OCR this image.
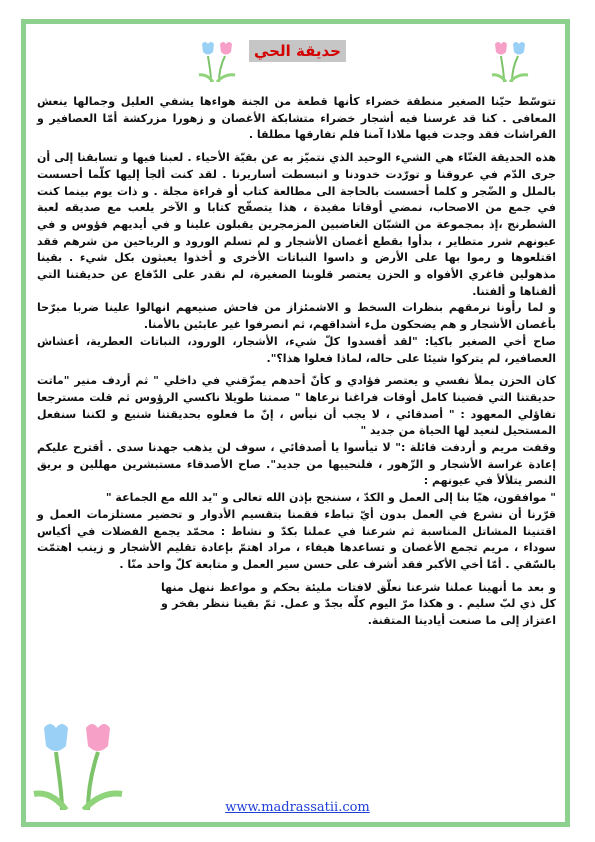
حديقة الحي

تتوسّط حيّنا الصغير منطقة خضراء كأنها قطعة من الجنة هواءها يشفي العليل وجمالها ينعش المعافى . كنا قد غرسنا فيه أشجار خضراء متشابكة الأغصان و زهورا مزركشة أمّا العصافير و الفراشات فقد وجدت فيها ملاذا آمنا فلم تفارقها مطلقا .

هذه الحديقة الغنّاء هي الشيء الوحيد الذي نتميّز به عن بقيّة الأحياء . لعبنا فيها و تسابقنا إلى أن جرى الدّم في عروقنا و تورّدت خدودنا و انبسطت أساريرنا . لقد كنت ألجأ إليها كلّما أحسست بالملل و الضّجر و كلما أحسست بالحاجة الى مطالعة كتاب أو قراءة مجلة . و ذات يوم بينما كنت في جمع من الاصحاب، نمضي أوقاتا مفيدة ، هذا يتصفّح كتابا و الآخر يلعب مع صديقه لعبة الشطرنج ،إذ بمجموعة من الشبّان الغاضبين المزمجرين يقبلون علينا و في أيديهم فؤوس و في عيونهم شرر متطاير ، بدأوا بقطع أغصان الأشجار و لم تسلم الورود و الرياحين من شرهم فقد اقتلعوها و رموا بها على الأرض و داسوا النباتات الأخرى و أخذوا يعبثون بكل شيء . بقينا مذهولين فاغري الأفواه و الحزن يعتصر قلوبنا الصغيرة، لم نقدر على الدّفاع عن حديقتنا التي ألفناها و ألفتنا.

و لما رأونا نرمقهم بنظرات السخط و الاشمئزاز من فاحش صنيعهم انهالوا علينا ضربا مبرّحا بأغصان الأشجار و هم يضحكون ملء أشداقهم، ثم انصرفوا غير عابئين بالأمنا.

صاح أخي الصغير باكيا: "لقد أفسدوا كلّ شيء، الأشجار، الورود، النباتات العطرية، أعشاش العصافير، لم يتركوا شيئا على حاله، لماذا فعلوا هذا؟".

كان الحزن يملأ نفسي و يعتصر فؤادي و كأنّ أحدهم يمزّقني في داخلي " ثم أردف منير "ماتت حديقتنا التي قضينا كامل أوقات فراغنا نرعاها " صمتنا طويلا ناكسي الرؤوس ثم قلت مسترجعا تفاؤلي المعهود : " أصدقائي ، لا يجب أن نيأس ، إنّ ما فعلوه بحديقتنا شنيع و لكننا سنفعل المستحيل لنعيد لها الحياة من جديد "

وقفت مريم و أردفت قائلة :" لا تيأسوا يا أصدقائي ، سوف لن يذهب جهدنا سدى . أقترح عليكم إعادة غراسة الأشجار و الزّهور ، فلنحييها من جديد". صاح الأصدقاء مستبشرين مهللين و بريق النصر يتلألأ في عيونهم :

" موافقون، هيّا بنا إلى العمل و الكدّ ، سننجح بإذن الله تعالى و "يد الله مع الجماعة "

قرّرنا أن نشرع في العمل بدون أيّ تباطء فقمنا بتقسيم الأدوار و تحضير مستلزمات العمل و اقتنينا المشاتل المناسبة ثم شرعنا في عملنا بكدّ و نشاط : محمّد يجمع الفضلات في أكياس سوداء ، مريم تجمع الأغصان و تساعدها هيفاء ، مراد اهتمّ بإعادة تقليم الأشجار و زينب اهتمّت بالسّقي . أمّا أخي الأكبر فقد أشرف على حسن سير العمل و متابعة كلّ واحد منّا .

و بعد ما أنهينا عملنا شرعنا نعلّق لافتات مليئة بحكم و مواعظ ننهل منها كل ذي لبّ سليم . و هكذا مرّ اليوم كلّه بجدّ و عمل. ثمّ بقينا ننظر بفخر و اعتزاز إلى ما صنعت أيادينا المتقنة.

www.madrassatii.com
